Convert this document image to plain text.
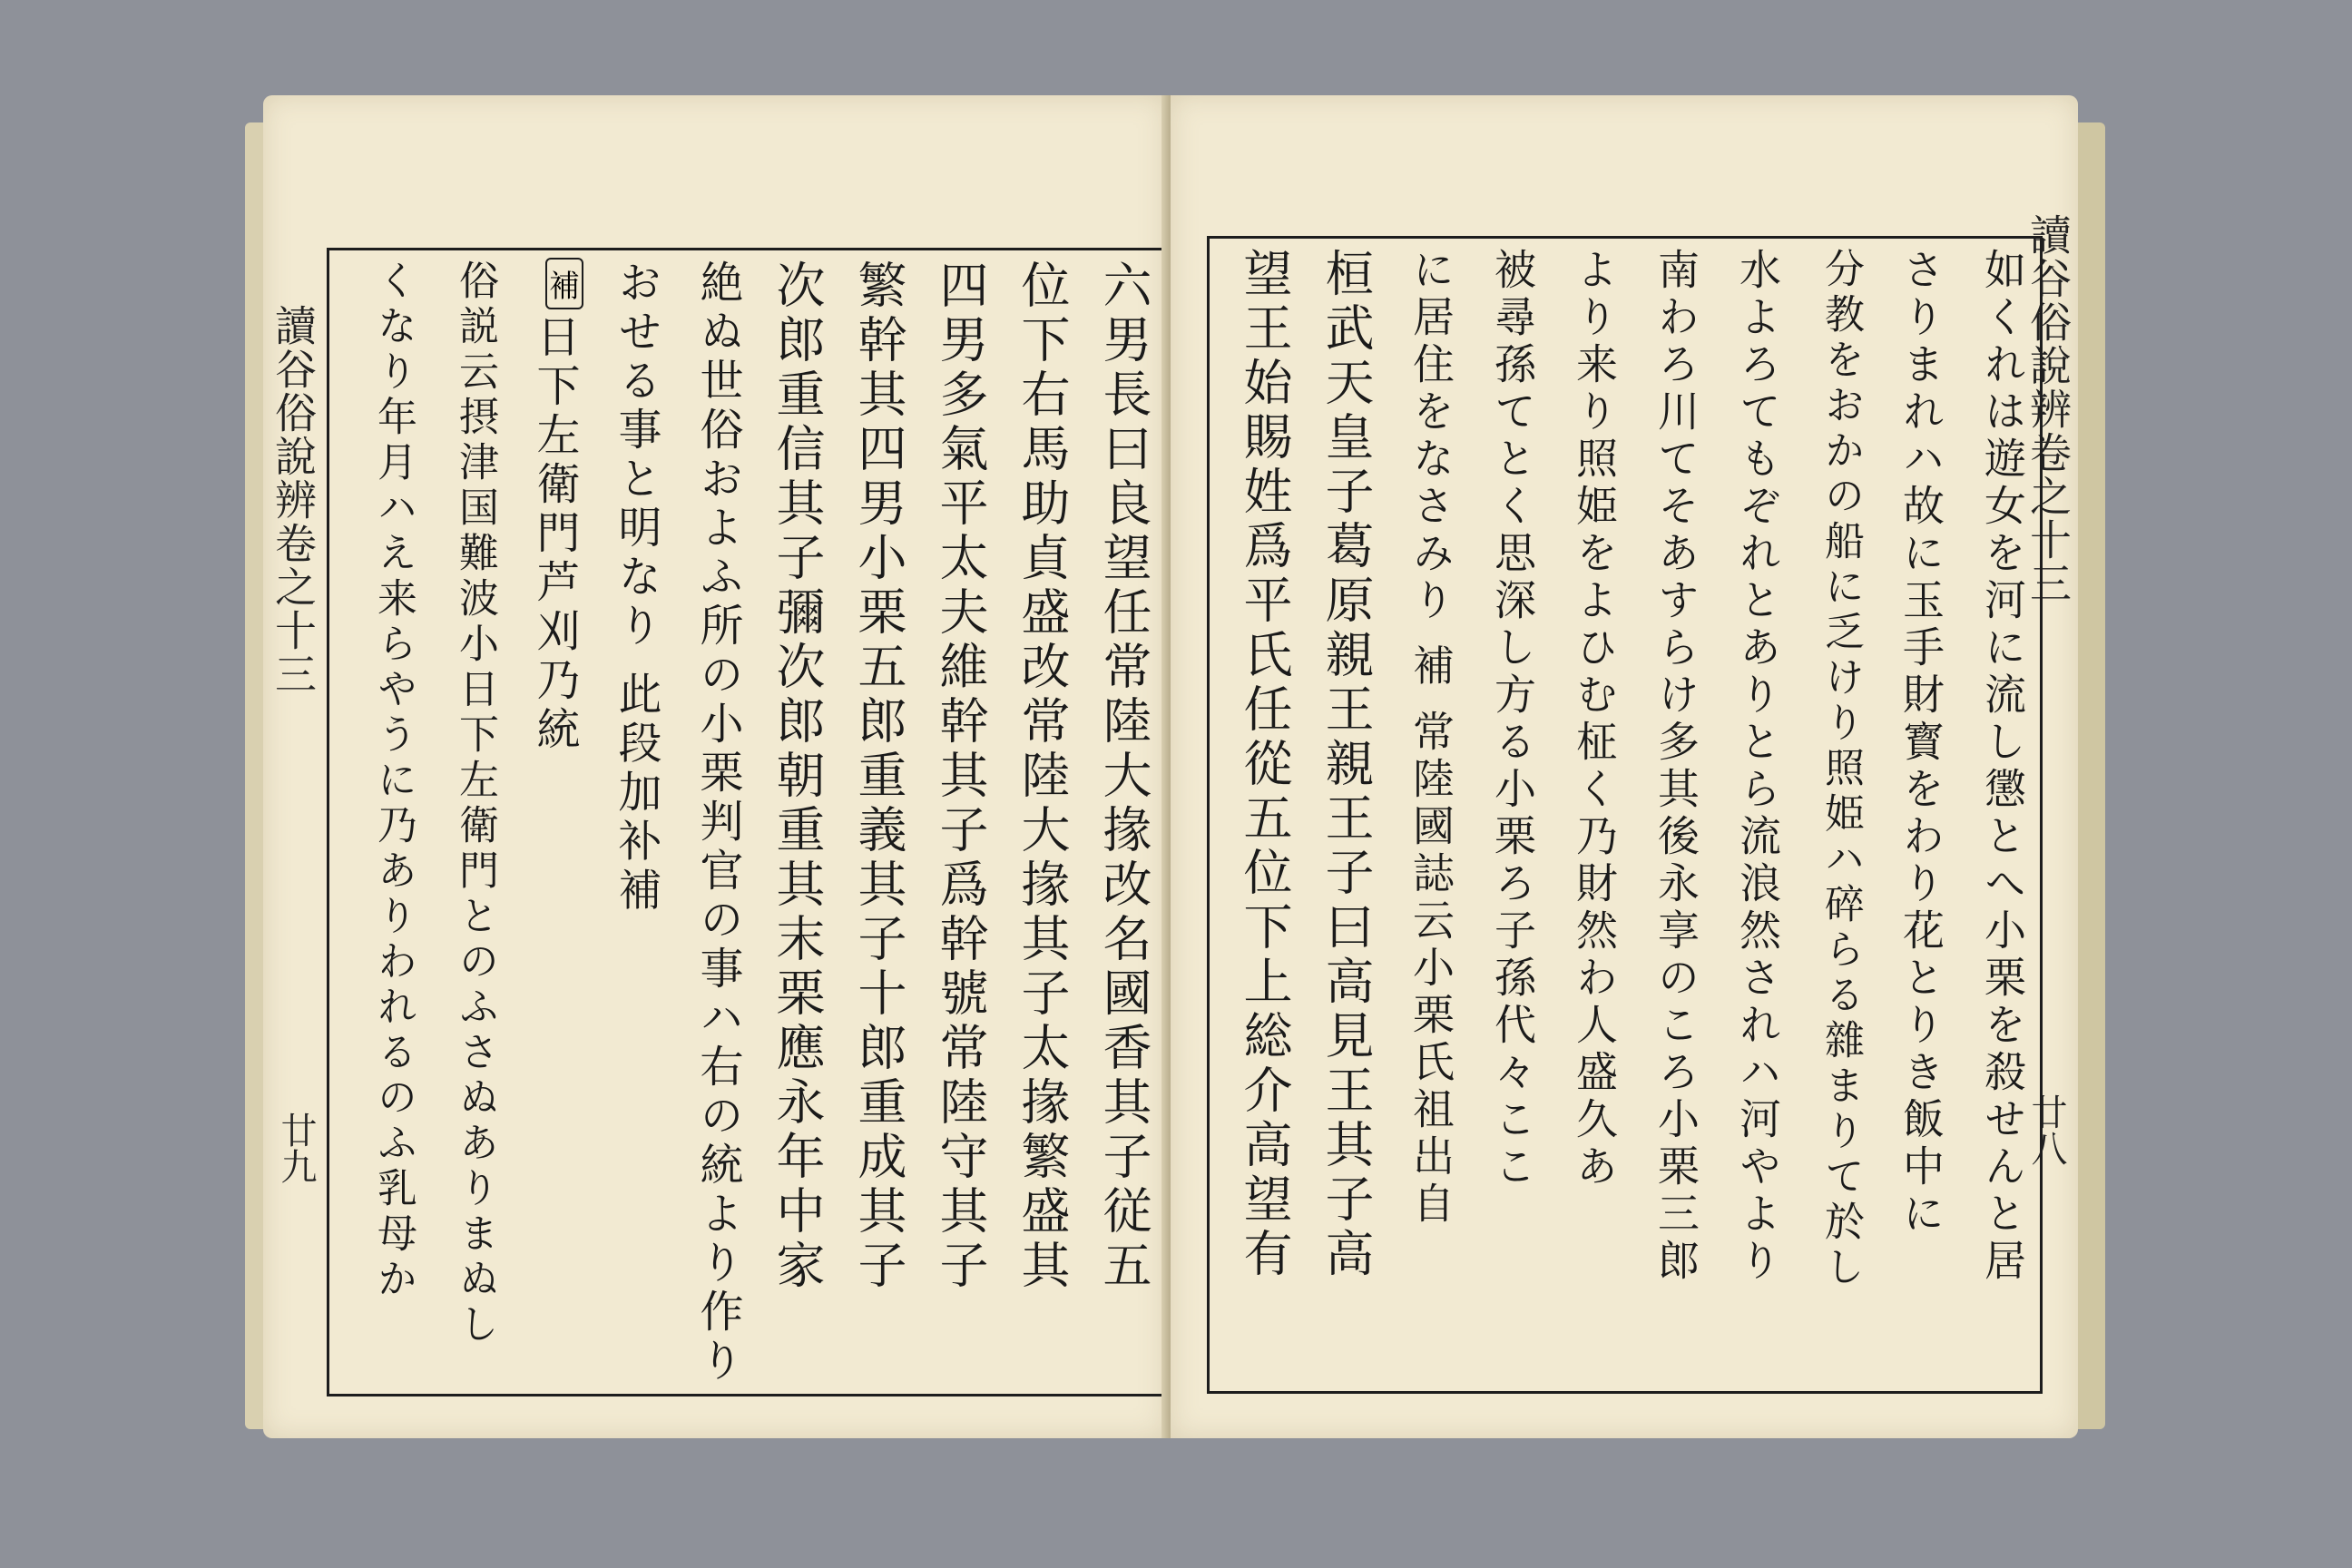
讀谷俗說辨卷之十三
廿九	六男長曰良望任常陸大掾改名國香其子従五
位下右馬助貞盛改常陸大掾其子太掾繁盛其
四男多氣平太夫維幹其子爲幹號常陸守其子
繁幹其四男小栗五郎重義其子十郎重成其子
次郎重信其子彌次郎朝重其末栗應永年中家
絶ぬ世俗およふ所の小栗判官の事ハ右の統より作り
おせる事と明なり 此段加补補
日下左衛門芦刈乃統
俗説云摂津国難波小日下左衛門とのふさぬありまぬし
くなり年月ハえ来らやうに乃ありわれるのふ乳母か	補	讀谷俗說辨卷之十三
廿八
如くれは遊女を河に流し懲とへ小栗を殺せんと居
さりまれハ故に玉手財寳をわり花とりき飯中に
分教をおかの船に乏けり照姫ハ碎らる雜まりて於し
水よろてもぞれとありとら流浪然されハ河やより
南わろ川てそあすらけ多其後永享のころ小栗三郎
より来り照姫をよひむ柾く乃財然わ人盛久あ
被尋孫てとく思深し方る小栗ろ子孫代々ここ
に居住をなさみり 補 常陸國誌云小栗氏祖出自
桓武天皇子葛原親王親王子曰高見王其子高
望王始賜姓爲平氏任從五位下上総介高望有
